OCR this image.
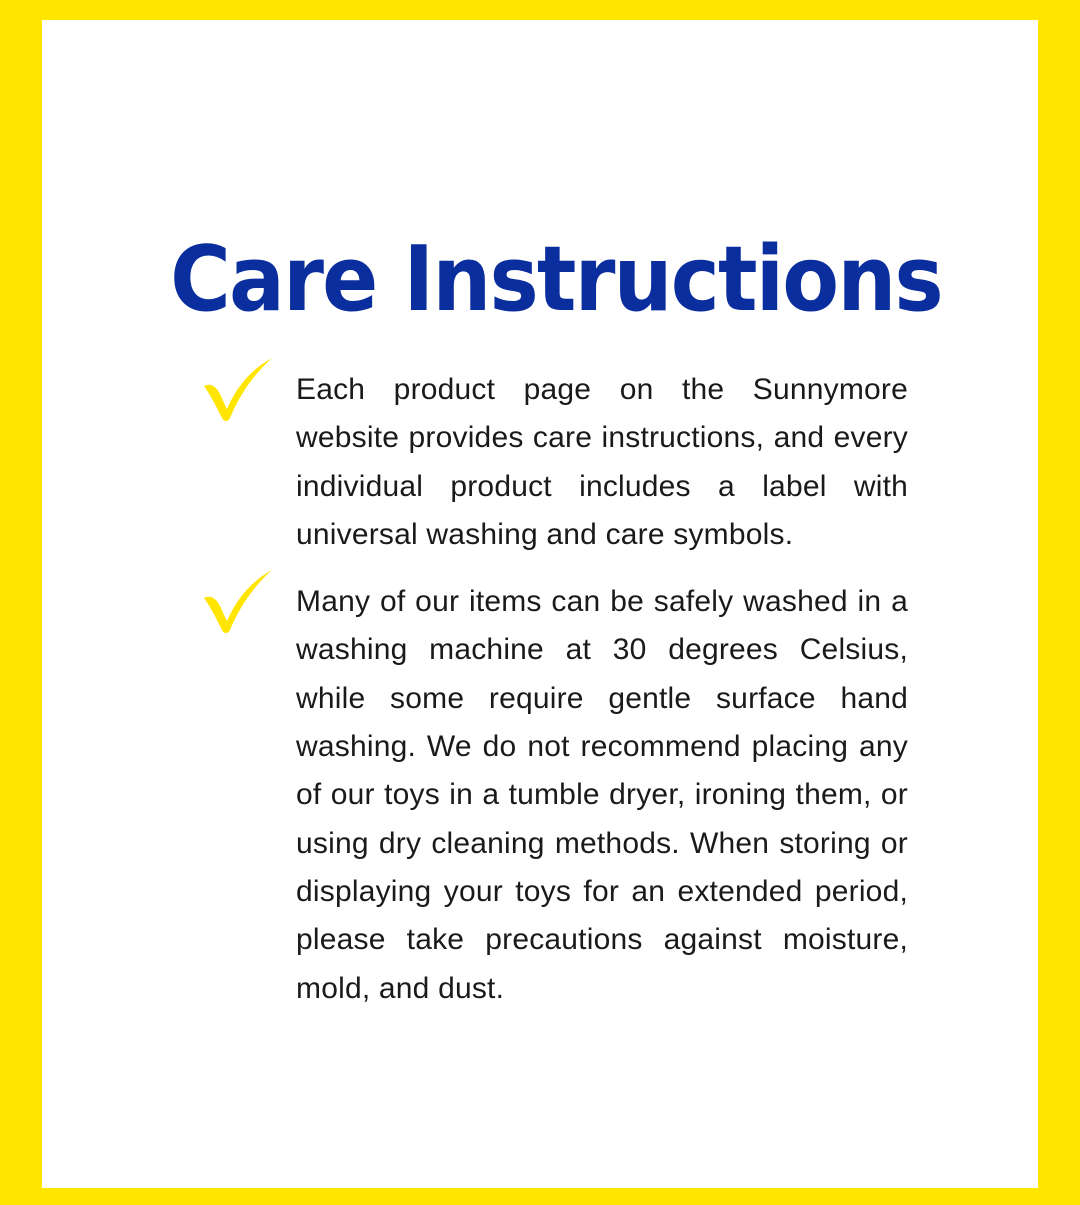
Care Instructions
Each product page on the Sunnymore website provides care instructions, and every individual product includes a label with universal washing and care symbols.
Many of our items can be safely washed in a washing machine at 30 degrees Celsius, while some require gentle surface hand washing. We do not recommend placing any of our toys in a tumble dryer, ironing them, or using dry cleaning methods. When storing or displaying your toys for an extended period, please take precautions against moisture, mold, and dust.
